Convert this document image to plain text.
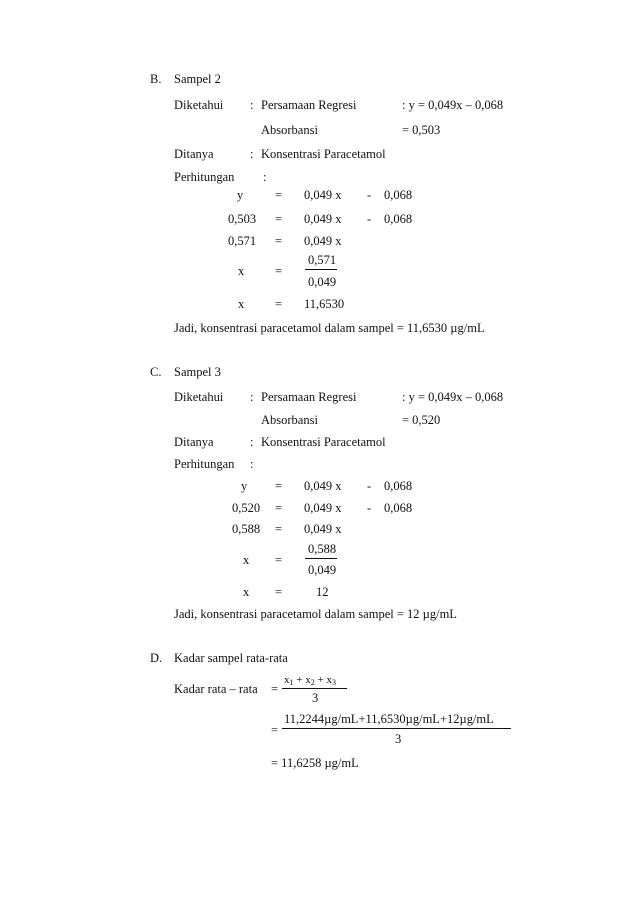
B. Sampel 2
Diketahui : Persamaan Regresi	: y = 0,049x – 0,068
Absorbansi	= 0,503
Ditanya	: Konsentrasi Paracetamol
Perhitungan :
y	= 0,049 x - 0,068
0,503 = 0,049 x - 0,068
0,571 = 0,049 x
x =
0,571
0,049
x = 11,6530
Jadi, konsentrasi paracetamol dalam sampel = 11,6530 µg/mL
C. Sampel 3
Diketahui : Persamaan Regresi	: y = 0,049x – 0,068
Absorbansi	= 0,520
Ditanya	: Konsentrasi Paracetamol
Perhitungan :
y = 0,049 x - 0,068
0,520 = 0,049 x - 0,068
0,588 = 0,049 x
x =
0,588
0,049
x =	12
Jadi, konsentrasi paracetamol dalam sampel = 12 µg/mL
D. Kadar sampel rata-rata
Kadar rata – rata =
$x_1 + x_2 + x_3$
3
=
11,2244µg/mL+11,6530µg/mL+12µg/mL
3
= 11,6258 µg/mL
